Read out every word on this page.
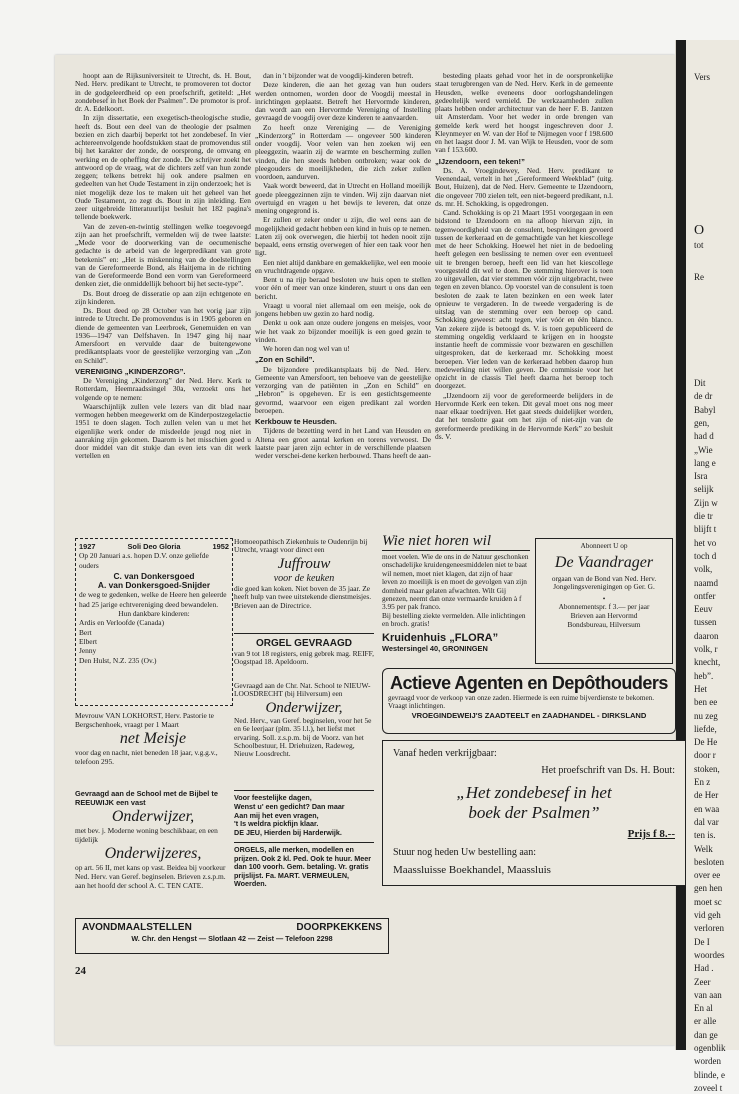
Vers
O
tot
Re
Dit
de dr
Babyl
gen,
had d
„Wie
lang e
Isra
selijk
Zijn w
die tr
blijft t
het vo
toch d
volk,
naamd
ontfer
Eeuv
tussen
daaron
volk, r
knecht,
heb”.
Het
ben ee
nu zeg
liefde,
De He
door r
stoken,
En z
de Her
en waa
dal var
ten is.
Welk
besloten
over ee
gen hen
moet sc
vid geh
verloren
De I
woordes
Had .
Zeer
van aan
En al
er alle
dan ge
ogenblik
worden
blinde, e
zoveel t

hoopt aan de Rijksuniversiteit te Utrecht, ds. H. Bout, Ned. Herv. predikant te Utrecht, te promoveren tot doctor in de godgeleerdheid op een proefschrift, getiteld: „Het zondebesef in het Boek der Psalmen”. De promotor is prof. dr. A. Edelkoort.

In zijn dissertatie, een exegetisch-theologische studie, heeft ds. Bout een deel van de theologie der psalmen bezien en zich daarbij beperkt tot het zondebesef. In vier achtereenvolgende hoofdstukken staat de promovendus stil bij het karakter der zonde, de oorsprong, de omvang en werking en de opheffing der zonde. De schrijver zoekt het antwoord op de vraag, wat de dichters zelf van hun zonde zeggen; telkens betrekt hij ook andere psalmen en gedeelten van het Oude Testament in zijn onderzoek; het is niet mogelijk deze los te maken uit het geheel van het Oude Testament, zo zegt ds. Bout in zijn inleiding. Een zeer uitgebreide litteratuurlijst besluit het 182 pagina's tellende boekwerk.

Van de zeven-en-twintig stellingen welke toegevoegd zijn aan het proefschrift, vermelden wij de twee laatste: „Mede voor de doorwerking van de oecumenische gedachte is de arbeid van de legerpredikant van grote betekenis” en: „Het is miskenning van de doelstellingen van de Gereformeerde Bond, als Haitjema in de richting van de Gereformeerde Bond een vorm van Gereformeerd denken ziet, die onmiddellijk behoort bij het secte-type”.

Ds. Bout droeg de disseratie op aan zijn echtgenote en zijn kinderen.

Ds. Bout deed op 28 October van het vorig jaar zijn intrede te Utrecht. De promovendus is in 1905 geboren en diende de gemeenten van Leerbroek, Genemuiden en van 1936—1947 van Delfshaven. In 1947 ging hij naar Amersfoort en vervulde daar de buitengewone predikantsplaats voor de geestelijke verzorging van „Zon en Schild”.

VERENIGING „KINDERZORG”.

De Vereniging „Kinderzorg” der Ned. Herv. Kerk te Rotterdam, Heemraadssingel 30a, verzoekt ons het volgende op te nemen:

Waarschijnlijk zullen vele lezers van dit blad naar vermogen hebben meegewerkt om de Kinderpostzegelactie 1951 te doen slagen. Toch zullen velen van u met het eigenlijke werk onder de misdeelde jeugd nog niet in aanraking zijn gekomen. Daarom is het misschien goed u door middel van dit stukje dan even iets van dit werk vertellen en

dan in 't bijzonder wat de voogdij-kinderen betreft.

Deze kinderen, die aan het gezag van hun ouders werden ontnomen, worden door de Voogdij meestal in inrichtingen geplaatst. Betreft het Hervormde kinderen, dan wordt aan een Hervormde Vereniging of Instelling gevraagd de voogdij over deze kinderen te aanvaarden.

Zo heeft onze Vereniging — de Vereniging „Kinderzorg” in Rotterdam — ongeveer 500 kinderen onder voogdij. Voor velen van hen zoeken wij een pleeggezin, waarin zij de warmte en bescherming zullen vinden, die hen steeds hebben ontbroken; waar ook de pleegouders de moeilijkheden, die zich zeker zullen voordoen, aandurven.

Vaak wordt beweerd, dat in Utrecht en Holland moeilijk goede pleeggezinnen zijn te vinden. Wij zijn daarvan niet overtuigd en vragen u het bewijs te leveren, dat onze mening ongegrond is.

Er zullen er zeker onder u zijn, die wel eens aan de mogelijkheid gedacht hebben een kind in huis op te nemen. Laten zij ook overwegen, die hierbij tot heden nooit zijn bepaald, eens ernstig overwegen of hier een taak voor hen ligt.

Een niet altijd dankbare en gemakkelijke, wel een mooie en vruchtdragende opgave.

Bent u na rijp beraad besloten uw huis open te stellen voor één of meer van onze kinderen, stuurt u ons dan een bericht.

Vraagt u vooral niet allemaal om een meisje, ook de jongens hebben uw gezin zo hard nodig.

Denkt u ook aan onze oudere jongens en meisjes, voor wie het vaak zo bijzonder moeilijk is een goed gezin te vinden.

We horen dan nog wel van u!

„Zon en Schild”.

De bijzondere predikantsplaats bij de Ned. Herv. Gemeente van Amersfoort, ten behoeve van de geestelijke verzorging van de patiënten in „Zon en Schild” en „Hebron” is opgeheven. Er is een gestichtsgemeente gevormd, waarvoor een eigen predikant zal worden beroepen.

Kerkbouw te Heusden.

Tijdens de bezetting werd in het Land van Heusden en Altena een groot aantal kerken en torens verwoest. De laatste paar jaren zijn echter in de verschillende plaatsen weder verschei-dene kerken herbouwd. Thans heeft de aan-

besteding plaats gehad voor het in de oorspronkelijke staat terugbrengen van de Ned. Herv. Kerk in de gemeente Heusden, welke eveneens door oorlogshandelingen gedeeltelijk werd vernield. De werkzaamheden zullen plaats hebben onder architectuur van de heer F. B. Jantzen uit Amsterdam. Voor het weder in orde brengen van gemelde kerk werd het hoogst ingeschreven door J. Kleynmeyer en W. van der Hof te Nijmegen voor f 198.600 en het laagst door J. M. van Wijk te Heusden, voor de som van f 153.600.

„IJzendoorn, een teken!”

Ds. A. Vroegindewey, Ned. Herv. predikant te Veenendaal, vertelt in het „Gereformeerd Weekblad” (uitg. Bout, Huizen), dat de Ned. Herv. Gemeente te IJzendoorn, die ongeveer 700 zielen telt, een niet-begeerd predikant, n.l. ds. mr. H. Schokking, is opgedrongen.

Cand. Schokking is op 21 Maart 1951 voorgegaan in een bidstond te IJzendoorn en na afloop hiervan zijn, in tegenwoordigheid van de consulent, besprekingen gevoerd tussen de kerkeraad en de gemachtigde van het kiescollege met de heer Schokking. Hoewel het niet in de bedoeling heeft gelegen een beslissing te nemen over een eventueel uit te brengen beroep, heeft een lid van het kiescollege voorgesteld dit wel te doen. De stemming hierover is toen zo uitgevallen, dat vier stemmen vóór zijn uitgebracht, twee tegen en zeven blanco. Op voorstel van de consulent is toen besloten de zaak te laten bezinken en een week later opnieuw te vergaderen. In de tweede vergadering is de uitslag van de stemming over een beroep op cand. Schokking geweest: acht tegen, vier vóór en één blanco. Van zekere zijde is betoogd ds. V. is toen gepubliceerd de stemming ongeldig verklaard te krijgen en in hoogste instantie heeft de commissie voor bezwaren en geschillen uitgesproken, dat de kerkeraad mr. Schokking moest beroepen. Vier leden van de kerkeraad hebben daarop hun medewerking niet willen geven. De commissie voor het opzicht in de classis Tiel heeft daarna het beroep toch doorgezet.

„IJzendoorn zij voor de gereformeerde belijders in de Hervormde Kerk een teken. Dit geval moet ons nog meer naar elkaar toedrijven. Het gaat steeds duidelijker worden, dat het tenslotte gaat om het zijn of niet-zijn van de gereformeerde prediking in de Hervormde Kerk” zo besluit ds. V.

1927	Soli Deo Gloria	1952
Op 20 Januari a.s. hopen D.V. onze geliefde ouders
C. van Donkersgoed
A. van Donkersgoed-Snijder
de weg te gedenken, welke de Heere hen geleerde had 25 jarige echtvereniging deed bewandelen.
Hun dankbare kinderen:
Ardis en Verloofde (Canada)
Bert
Elbert
Jenny
Den Hulst, N.Z. 235 (Ov.)
Mevrouw VAN LOKHORST, Herv. Pastorie te Bergschenhoek, vraagt per 1 Maart
net Meisje
voor dag en nacht, niet beneden 18 jaar, v.g.g.v., telefoon 295.
Gevraagd aan de School met de Bijbel te REEUWIJK een vast
Onderwijzer,
met bev. j. Moderne woning beschikbaar, en een tijdelijk
Onderwijzeres,
op art. 56 II, met kans op vast. Beidea bij voorkeur Ned. Herv. van Geref. beginselen. Brieven z.s.p.m. aan het hoofd der school A. C. TEN CATE.
AVONDMAALSTELLEN	DOORPKEKKENS
W. Chr. den Hengst — Slotlaan 42 — Zeist — Telefoon 2298
Homoeopathisch Ziekenhuis te Oudenrijn bij Utrecht, vraagt voor direct een
Juffrouw
voor de keuken
die goed kan koken. Niet boven de 35 jaar. Ze heeft hulp van twee uitstekende dienstmeisjes. Brieven aan de Directrice.
ORGEL GEVRAAGD
van 9 tot 18 registers, enig gebrek mag. REIFF, Oogstpad 18. Apeldoorn.
Gevraagd aan de Chr. Nat. School te NIEUW-LOOSDRECHT (bij Hilversum) een
Onderwijzer,
Ned. Herv., van Geref. beginselen, voor het 5e en 6e leerjaar (plm. 35 l.l.), het liefst met ervaring. Soll. z.s.p.m. bij de Voorz. van het Schoolbestuur, H. Driehuizen, Radeweg, Nieuw Loosdrecht.
Voor feestelijke dagen,
Wenst u' een gedicht? Dan maar
Aan mij het even vragen,
't Is weldra pickfijn klaar.
DE JEU, Hierden bij Harderwijk.
ORGELS, alle merken, modellen en prijzen. Ook 2 kl. Ped. Ook te huur. Meer dan 100 voorh. Gem. betaling. Vr. gratis prijslijst. Fa. MART. VERMEULEN, Woerden.
Wie niet horen wil
moet voelen. Wie de ons in de Natuur geschonken onschadelijke kruidengeneesmiddelen niet te baat wil nemen, moet niet klagen, dat zijn of haar leven zo moeilijk is en moet de gevolgen van zijn domheid maar gelaten afwachten. Wilt Gij genezen, neemt dan onze vermaarde kruiden à f 3.95 per pak franco.
Bij bestelling ziekte vermelden. Alle inlichtingen en broch. gratis!
Kruidenhuis „FLORA”
Westersingel 40, GRONINGEN
Abonneert U op
De Vaandrager
orgaan van de Bond van Ned. Herv. Jongelingsverenigingen op Ger. G.
•
Abonnementspr. f 3.— per jaar
Brieven aan Hervormd
Bondsbureau, Hilversum
Actieve Agenten en Depôthouders
gevraagd voor de verkoop van onze zaden. Hiermede is een ruime bijverdienste te bekomen. Vraagt inlichtingen.
VROEGINDEWEIJ'S ZAADTEELT en ZAADHANDEL - DIRKSLAND
Vanaf heden verkrijgbaar:
Het proefschrift van Ds. H. Bout:
„Het zondebesef in het
boek der Psalmen”
Prijs f 8.--
Stuur nog heden Uw bestelling aan:
Maassluisse Boekhandel, Maassluis
24
